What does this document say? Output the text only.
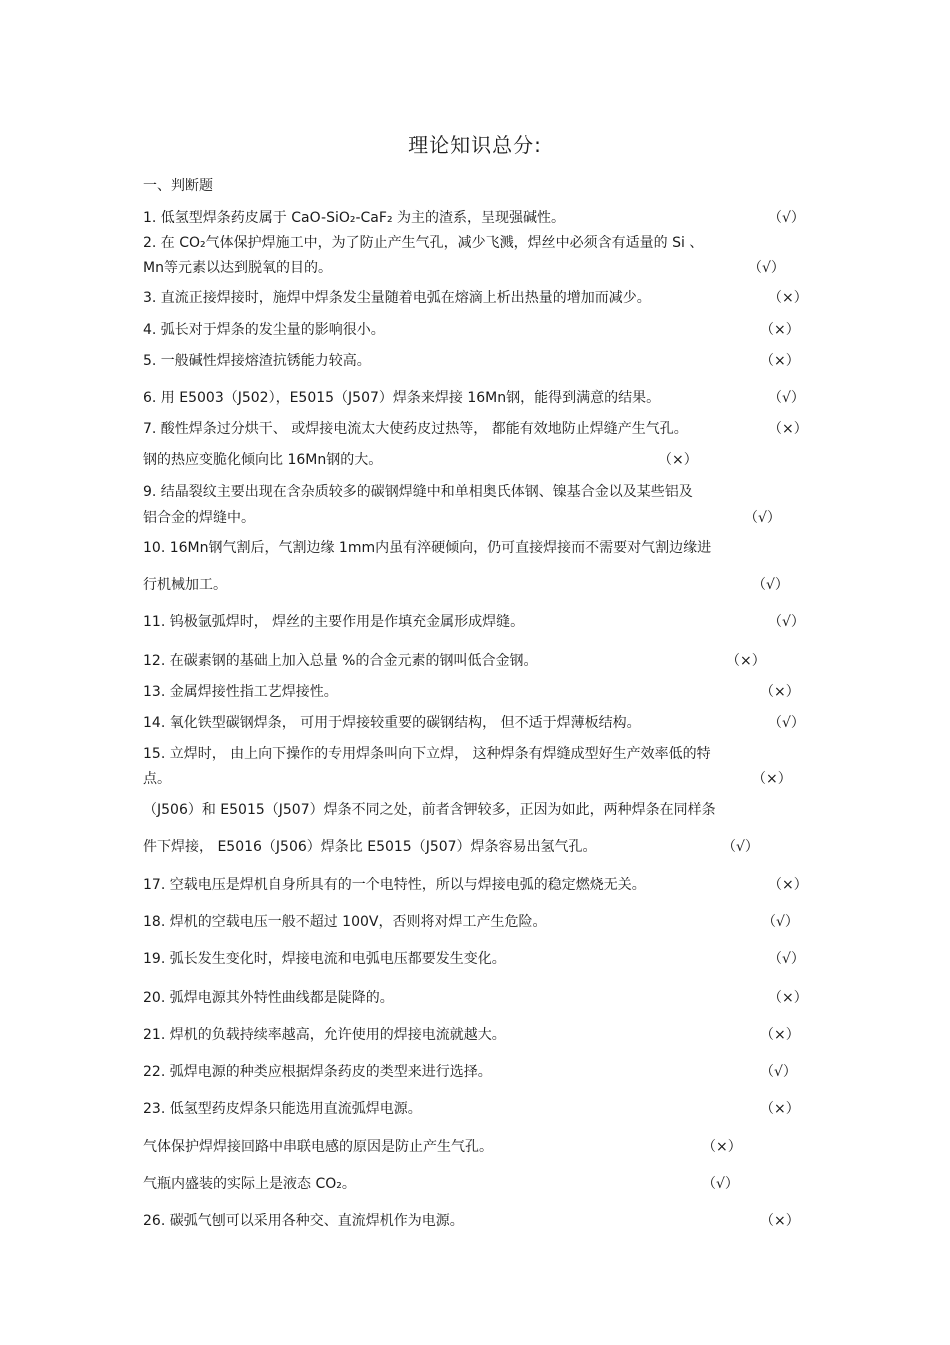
理论知识总分:
一、判断题
1. 低氢型焊条药皮属于 CaO-SiO₂-CaF₂ 为主的渣系，呈现强碱性。	（√）
2. 在 CO₂气体保护焊施工中，为了防止产生气孔，减少飞溅，焊丝中必须含有适量的 Si 、
Mn等元素以达到脱氧的目的。	（√）
3. 直流正接焊接时，施焊中焊条发尘量随着电弧在熔滴上析出热量的增加而减少。	（×）
4. 弧长对于焊条的发尘量的影响很小。	（×）
5. 一般碱性焊接熔渣抗锈能力较高。	（×）
6. 用 E5003（J502），E5015（J507）焊条来焊接 16Mn钢，能得到满意的结果。	（√）
7. 酸性焊条过分烘干、 或焊接电流太大使药皮过热等， 都能有效地防止焊缝产生气孔。	（×）
钢的热应变脆化倾向比 16Mn钢的大。	（×）
9. 结晶裂纹主要出现在含杂质较多的碳钢焊缝中和单相奥氏体钢、镍基合金以及某些铝及
铝合金的焊缝中。	（√）
10. 16Mn钢气割后，气割边缘 1mm内虽有淬硬倾向，仍可直接焊接而不需要对气割边缘进
行机械加工。	（√）
11. 钨极氩弧焊时， 焊丝的主要作用是作填充金属形成焊缝。	（√）
12. 在碳素钢的基础上加入总量 %的合金元素的钢叫低合金钢。	（×）
13. 金属焊接性指工艺焊接性。	（×）
14. 氧化铁型碳钢焊条， 可用于焊接较重要的碳钢结构， 但不适于焊薄板结构。	（√）
15. 立焊时， 由上向下操作的专用焊条叫向下立焊， 这种焊条有焊缝成型好生产效率低的特
点。	（×）
（J506）和 E5015（J507）焊条不同之处，前者含钾较多，正因为如此，两种焊条在同样条
件下焊接， E5016（J506）焊条比 E5015（J507）焊条容易出氢气孔。	（√）
17. 空载电压是焊机自身所具有的一个电特性，所以与焊接电弧的稳定燃烧无关。	（×）
18. 焊机的空载电压一般不超过 100V，否则将对焊工产生危险。	（√）
19. 弧长发生变化时，焊接电流和电弧电压都要发生变化。	（√）
20. 弧焊电源其外特性曲线都是陡降的。	（×）
21. 焊机的负载持续率越高，允许使用的焊接电流就越大。	（×）
22. 弧焊电源的种类应根据焊条药皮的类型来进行选择。	（√）
23. 低氢型药皮焊条只能选用直流弧焊电源。	（×）
气体保护焊焊接回路中串联电感的原因是防止产生气孔。	（×）
气瓶内盛装的实际上是液态 CO₂。	（√）
26. 碳弧气刨可以采用各种交、直流焊机作为电源。	（×）
